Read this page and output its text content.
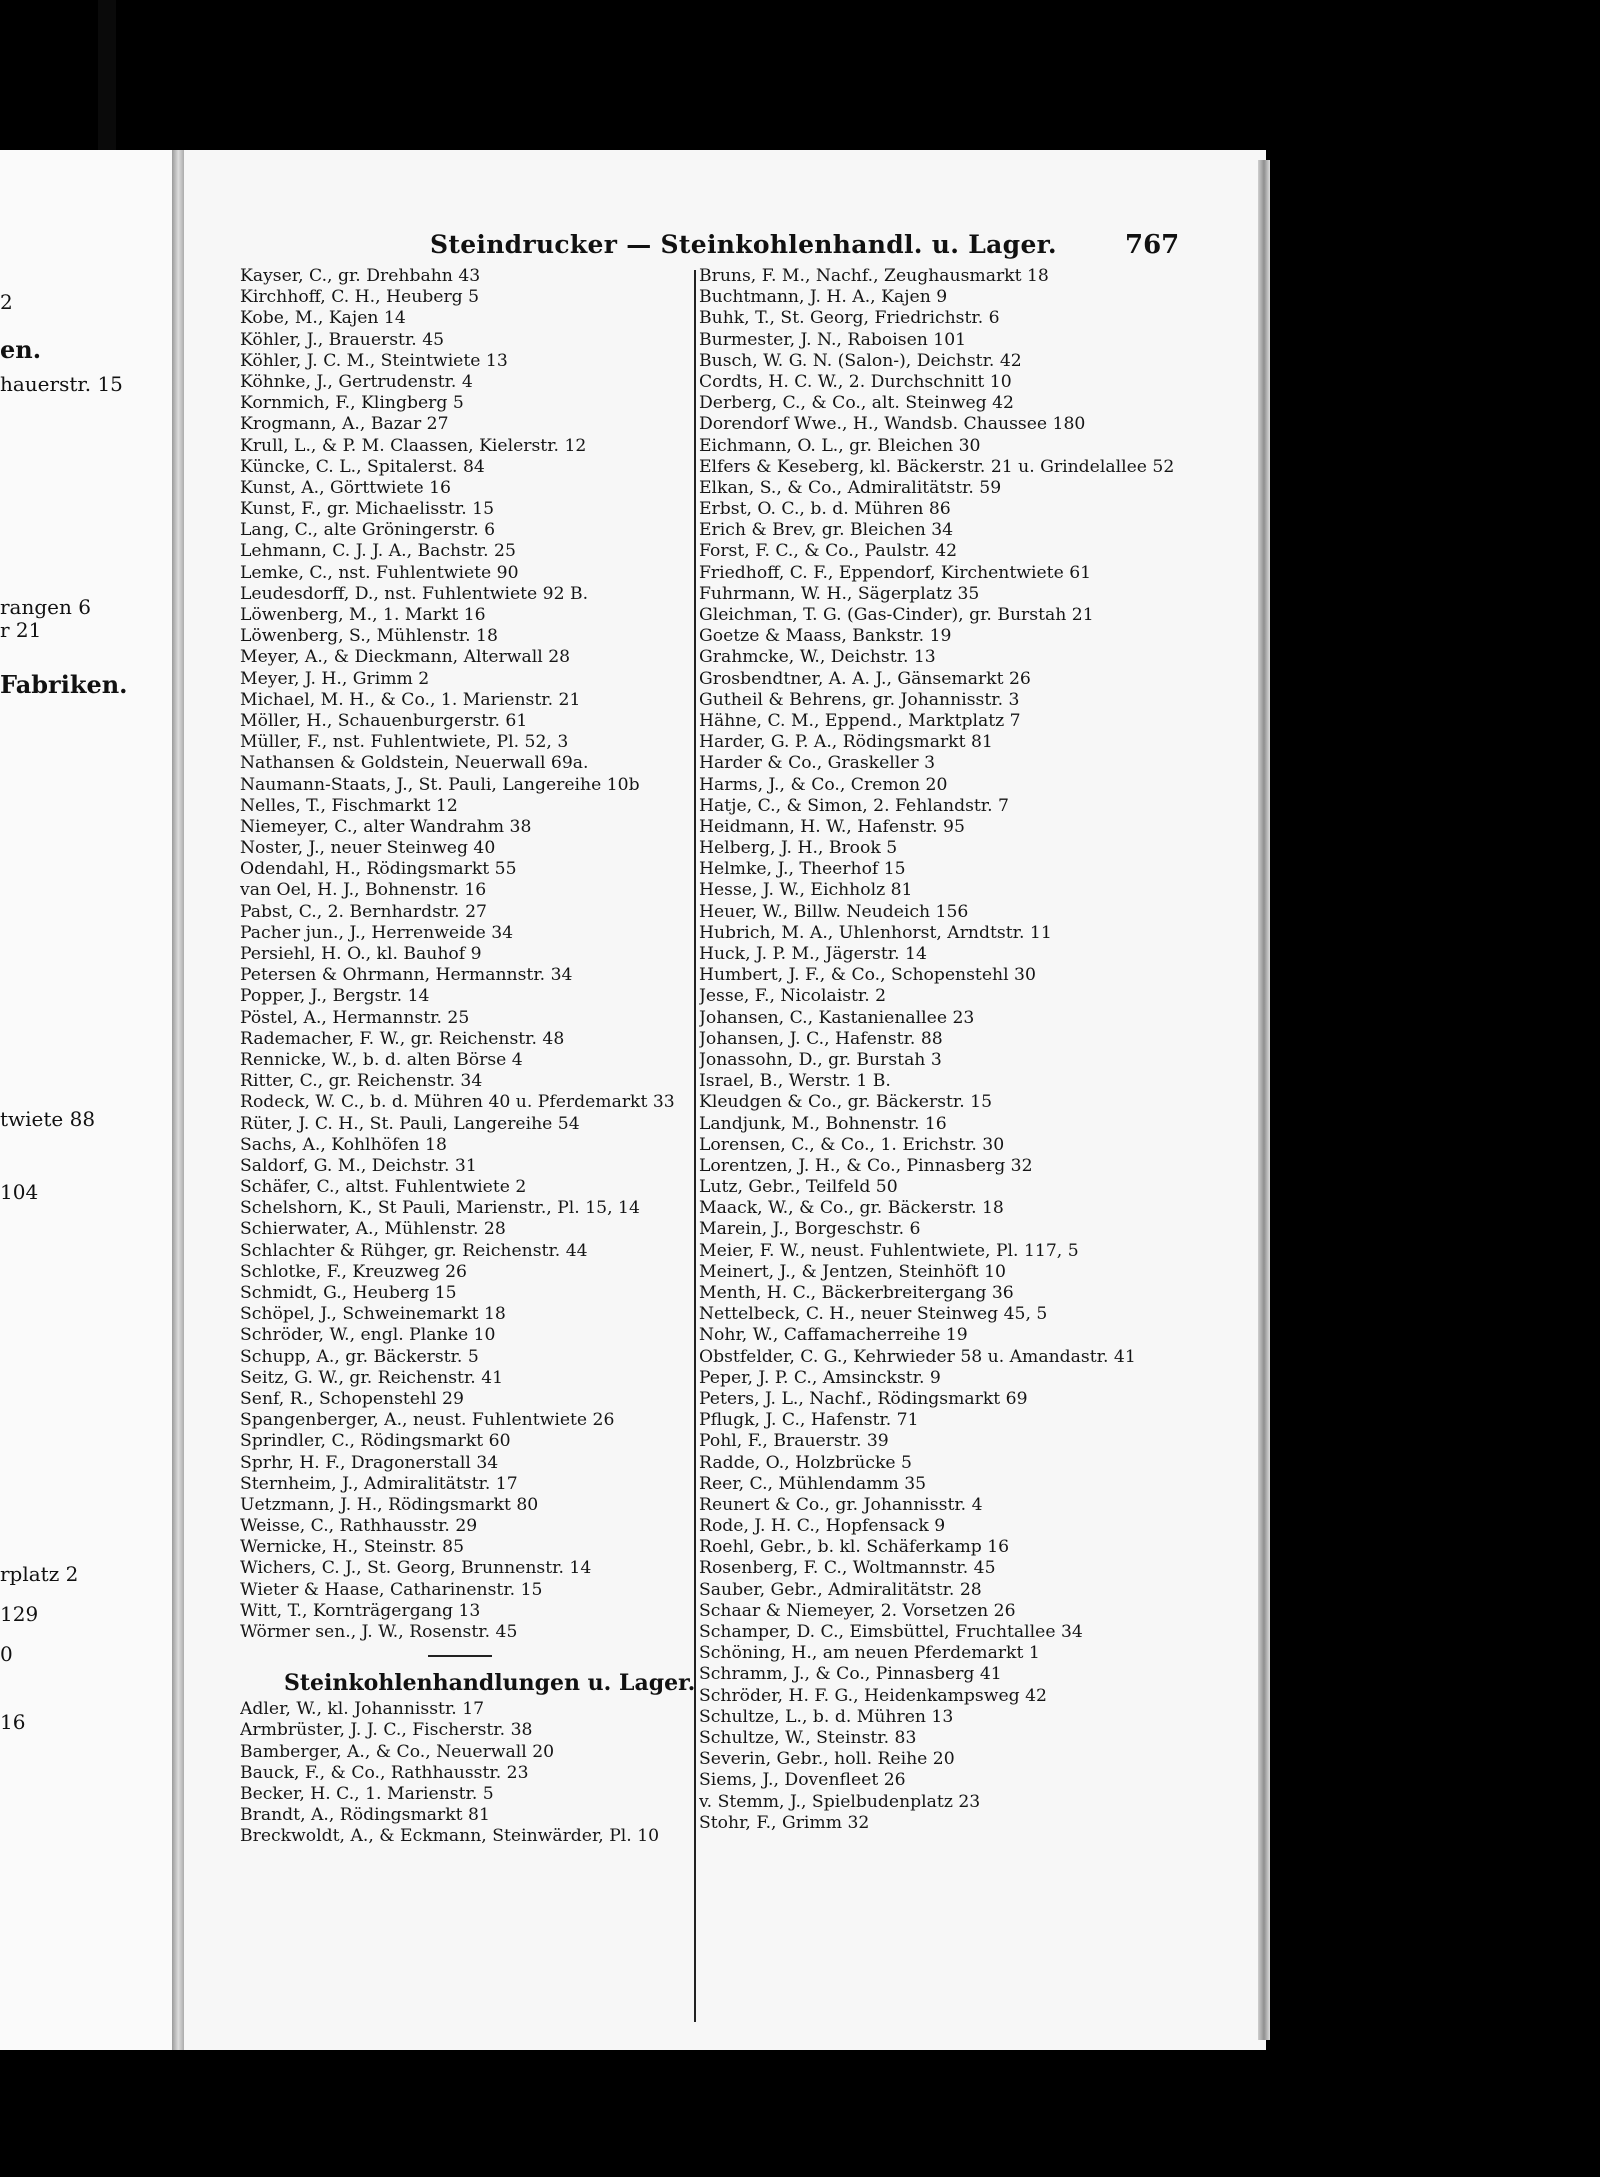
2
en.
hauerstr. 15
rangen 6
r 21
Fabriken.
twiete 88
104
rplatz 2
129
0
16
Steindrucker — Steinkohlenhandl. u. Lager.	767
Kayser, C., gr. Drehbahn 43
Kirchhoff, C. H., Heuberg 5
Kobe, M., Kajen 14
Köhler, J., Brauerstr. 45
Köhler, J. C. M., Steintwiete 13
Köhnke, J., Gertrudenstr. 4
Kornmich, F., Klingberg 5
Krogmann, A., Bazar 27
Krull, L., & P. M. Claassen, Kielerstr. 12
Küncke, C. L., Spitalerst. 84
Kunst, A., Görttwiete 16
Kunst, F., gr. Michaelisstr. 15
Lang, C., alte Gröningerstr. 6
Lehmann, C. J. J. A., Bachstr. 25
Lemke, C., nst. Fuhlentwiete 90
Leudesdorff, D., nst. Fuhlentwiete 92 B.
Löwenberg, M., 1. Markt 16
Löwenberg, S., Mühlenstr. 18
Meyer, A., & Dieckmann, Alterwall 28
Meyer, J. H., Grimm 2
Michael, M. H., & Co., 1. Marienstr. 21
Möller, H., Schauenburgerstr. 61
Müller, F., nst. Fuhlentwiete, Pl. 52, 3
Nathansen & Goldstein, Neuerwall 69a.
Naumann-Staats, J., St. Pauli, Langereihe 10b
Nelles, T., Fischmarkt 12
Niemeyer, C., alter Wandrahm 38
Noster, J., neuer Steinweg 40
Odendahl, H., Rödingsmarkt 55
van Oel, H. J., Bohnenstr. 16
Pabst, C., 2. Bernhardstr. 27
Pacher jun., J., Herrenweide 34
Persiehl, H. O., kl. Bauhof 9
Petersen & Ohrmann, Hermannstr. 34
Popper, J., Bergstr. 14
Pöstel, A., Hermannstr. 25
Rademacher, F. W., gr. Reichenstr. 48
Rennicke, W., b. d. alten Börse 4
Ritter, C., gr. Reichenstr. 34
Rodeck, W. C., b. d. Mühren 40 u. Pferdemarkt 33
Rüter, J. C. H., St. Pauli, Langereihe 54
Sachs, A., Kohlhöfen 18
Saldorf, G. M., Deichstr. 31
Schäfer, C., altst. Fuhlentwiete 2
Schelshorn, K., St Pauli, Marienstr., Pl. 15, 14
Schierwater, A., Mühlenstr. 28
Schlachter & Rühger, gr. Reichenstr. 44
Schlotke, F., Kreuzweg 26
Schmidt, G., Heuberg 15
Schöpel, J., Schweinemarkt 18
Schröder, W., engl. Planke 10
Schupp, A., gr. Bäckerstr. 5
Seitz, G. W., gr. Reichenstr. 41
Senf, R., Schopenstehl 29
Spangenberger, A., neust. Fuhlentwiete 26
Sprindler, C., Rödingsmarkt 60
Sprhr, H. F., Dragonerstall 34
Sternheim, J., Admiralitätstr. 17
Uetzmann, J. H., Rödingsmarkt 80
Weisse, C., Rathhausstr. 29
Wernicke, H., Steinstr. 85
Wichers, C. J., St. Georg, Brunnenstr. 14
Wieter & Haase, Catharinenstr. 15
Witt, T., Kornträgergang 13
Wörmer sen., J. W., Rosenstr. 45
Steinkohlenhandlungen u. Lager.
Adler, W., kl. Johannisstr. 17
Armbrüster, J. J. C., Fischerstr. 38
Bamberger, A., & Co., Neuerwall 20
Bauck, F., & Co., Rathhausstr. 23
Becker, H. C., 1. Marienstr. 5
Brandt, A., Rödingsmarkt 81
Breckwoldt, A., & Eckmann, Steinwärder, Pl. 10
Bruns, F. M., Nachf., Zeughausmarkt 18
Buchtmann, J. H. A., Kajen 9
Buhk, T., St. Georg, Friedrichstr. 6
Burmester, J. N., Raboisen 101
Busch, W. G. N. (Salon-), Deichstr. 42
Cordts, H. C. W., 2. Durchschnitt 10
Derberg, C., & Co., alt. Steinweg 42
Dorendorf Wwe., H., Wandsb. Chaussee 180
Eichmann, O. L., gr. Bleichen 30
Elfers & Keseberg, kl. Bäckerstr. 21 u. Grindelallee 52
Elkan, S., & Co., Admiralitätstr. 59
Erbst, O. C., b. d. Mühren 86
Erich & Brev, gr. Bleichen 34
Forst, F. C., & Co., Paulstr. 42
Friedhoff, C. F., Eppendorf, Kirchentwiete 61
Fuhrmann, W. H., Sägerplatz 35
Gleichman, T. G. (Gas-Cinder), gr. Burstah 21
Goetze & Maass, Bankstr. 19
Grahmcke, W., Deichstr. 13
Grosbendtner, A. A. J., Gänsemarkt 26
Gutheil & Behrens, gr. Johannisstr. 3
Hähne, C. M., Eppend., Marktplatz 7
Harder, G. P. A., Rödingsmarkt 81
Harder & Co., Graskeller 3
Harms, J., & Co., Cremon 20
Hatje, C., & Simon, 2. Fehlandstr. 7
Heidmann, H. W., Hafenstr. 95
Helberg, J. H., Brook 5
Helmke, J., Theerhof 15
Hesse, J. W., Eichholz 81
Heuer, W., Billw. Neudeich 156
Hubrich, M. A., Uhlenhorst, Arndtstr. 11
Huck, J. P. M., Jägerstr. 14
Humbert, J. F., & Co., Schopenstehl 30
Jesse, F., Nicolaistr. 2
Johansen, C., Kastanienallee 23
Johansen, J. C., Hafenstr. 88
Jonassohn, D., gr. Burstah 3
Israel, B., Werstr. 1 B.
Kleudgen & Co., gr. Bäckerstr. 15
Landjunk, M., Bohnenstr. 16
Lorensen, C., & Co., 1. Erichstr. 30
Lorentzen, J. H., & Co., Pinnasberg 32
Lutz, Gebr., Teilfeld 50
Maack, W., & Co., gr. Bäckerstr. 18
Marein, J., Borgeschstr. 6
Meier, F. W., neust. Fuhlentwiete, Pl. 117, 5
Meinert, J., & Jentzen, Steinhöft 10
Menth, H. C., Bäckerbreitergang 36
Nettelbeck, C. H., neuer Steinweg 45, 5
Nohr, W., Caffamacherreihe 19
Obstfelder, C. G., Kehrwieder 58 u. Amandastr. 41
Peper, J. P. C., Amsinckstr. 9
Peters, J. L., Nachf., Rödingsmarkt 69
Pflugk, J. C., Hafenstr. 71
Pohl, F., Brauerstr. 39
Radde, O., Holzbrücke 5
Reer, C., Mühlendamm 35
Reunert & Co., gr. Johannisstr. 4
Rode, J. H. C., Hopfensack 9
Roehl, Gebr., b. kl. Schäferkamp 16
Rosenberg, F. C., Woltmannstr. 45
Sauber, Gebr., Admiralitätstr. 28
Schaar & Niemeyer, 2. Vorsetzen 26
Schamper, D. C., Eimsbüttel, Fruchtallee 34
Schöning, H., am neuen Pferdemarkt 1
Schramm, J., & Co., Pinnasberg 41
Schröder, H. F. G., Heidenkampsweg 42
Schultze, L., b. d. Mühren 13
Schultze, W., Steinstr. 83
Severin, Gebr., holl. Reihe 20
Siems, J., Dovenfleet 26
v. Stemm, J., Spielbudenplatz 23
Stohr, F., Grimm 32
